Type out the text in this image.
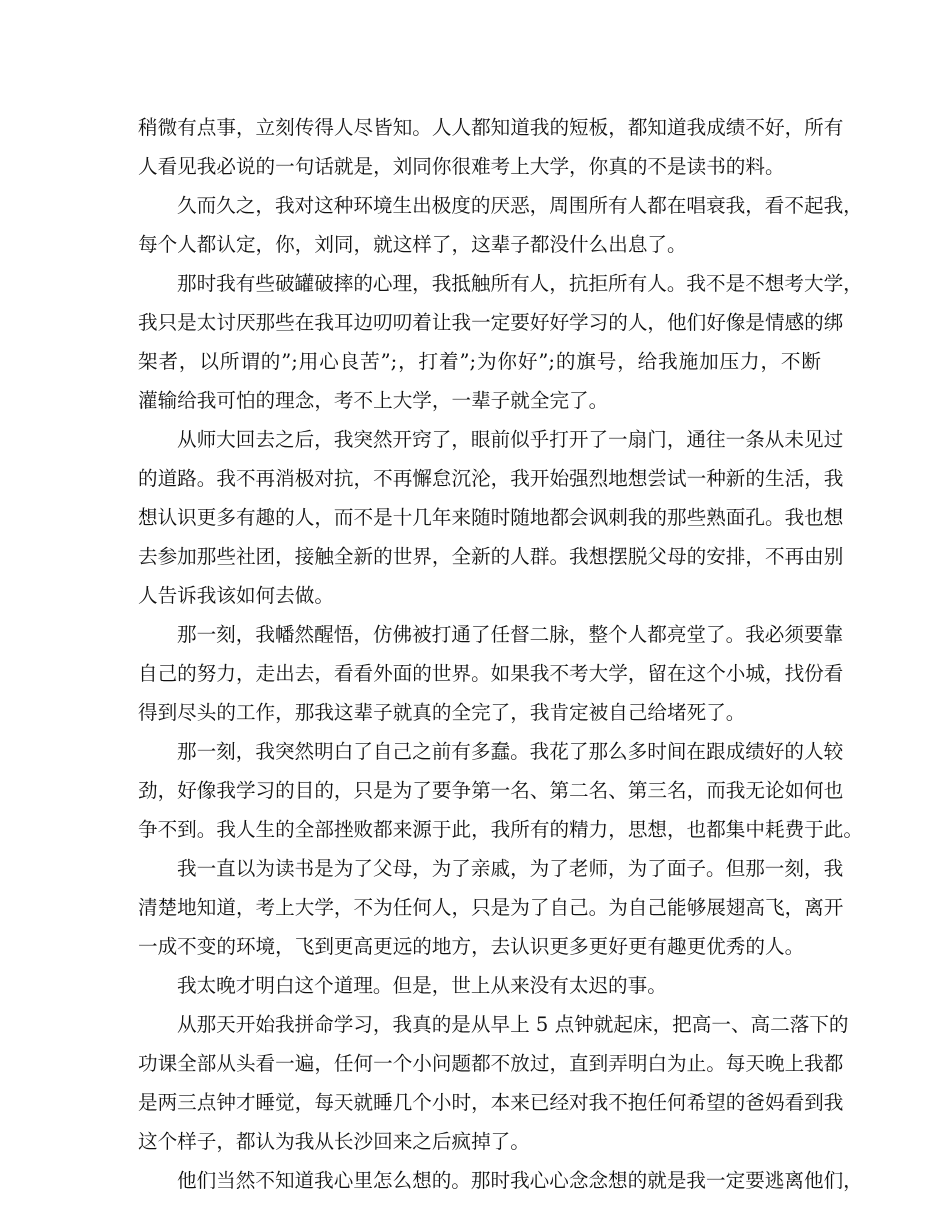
稍微有点事，立刻传得人尽皆知。人人都知道我的短板，都知道我成绩不好，所有
人看见我必说的一句话就是，刘同你很难考上大学，你真的不是读书的料。
久而久之，我对这种环境生出极度的厌恶，周围所有人都在唱衰我，看不起我，
每个人都认定，你，刘同，就这样了，这辈子都没什么出息了。
那时我有些破罐破摔的心理，我抵触所有人，抗拒所有人。我不是不想考大学，
我只是太讨厌那些在我耳边叨叨着让我一定要好好学习的人，他们好像是情感的绑
架者，以所谓的”;用心良苦”;，打着”;为你好”;的旗号，给我施加压力，不断
灌输给我可怕的理念，考不上大学，一辈子就全完了。
从师大回去之后，我突然开窍了，眼前似乎打开了一扇门，通往一条从未见过
的道路。我不再消极对抗，不再懈怠沉沦，我开始强烈地想尝试一种新的生活，我
想认识更多有趣的人，而不是十几年来随时随地都会讽刺我的那些熟面孔。我也想
去参加那些社团，接触全新的世界，全新的人群。我想摆脱父母的安排，不再由别
人告诉我该如何去做。
那一刻，我幡然醒悟，仿佛被打通了任督二脉，整个人都亮堂了。我必须要靠
自己的努力，走出去，看看外面的世界。如果我不考大学，留在这个小城，找份看
得到尽头的工作，那我这辈子就真的全完了，我肯定被自己给堵死了。
那一刻，我突然明白了自己之前有多蠢。我花了那么多时间在跟成绩好的人较
劲，好像我学习的目的，只是为了要争第一名、第二名、第三名，而我无论如何也
争不到。我人生的全部挫败都来源于此，我所有的精力，思想，也都集中耗费于此。
我一直以为读书是为了父母，为了亲戚，为了老师，为了面子。但那一刻，我
清楚地知道，考上大学，不为任何人，只是为了自己。为自己能够展翅高飞，离开
一成不变的环境，飞到更高更远的地方，去认识更多更好更有趣更优秀的人。
我太晚才明白这个道理。但是，世上从来没有太迟的事。
从那天开始我拼命学习，我真的是从早上 5 点钟就起床，把高一、高二落下的
功课全部从头看一遍，任何一个小问题都不放过，直到弄明白为止。每天晚上我都
是两三点钟才睡觉，每天就睡几个小时，本来已经对我不抱任何希望的爸妈看到我
这个样子，都认为我从长沙回来之后疯掉了。
他们当然不知道我心里怎么想的。那时我心心念念想的就是我一定要逃离他们，
